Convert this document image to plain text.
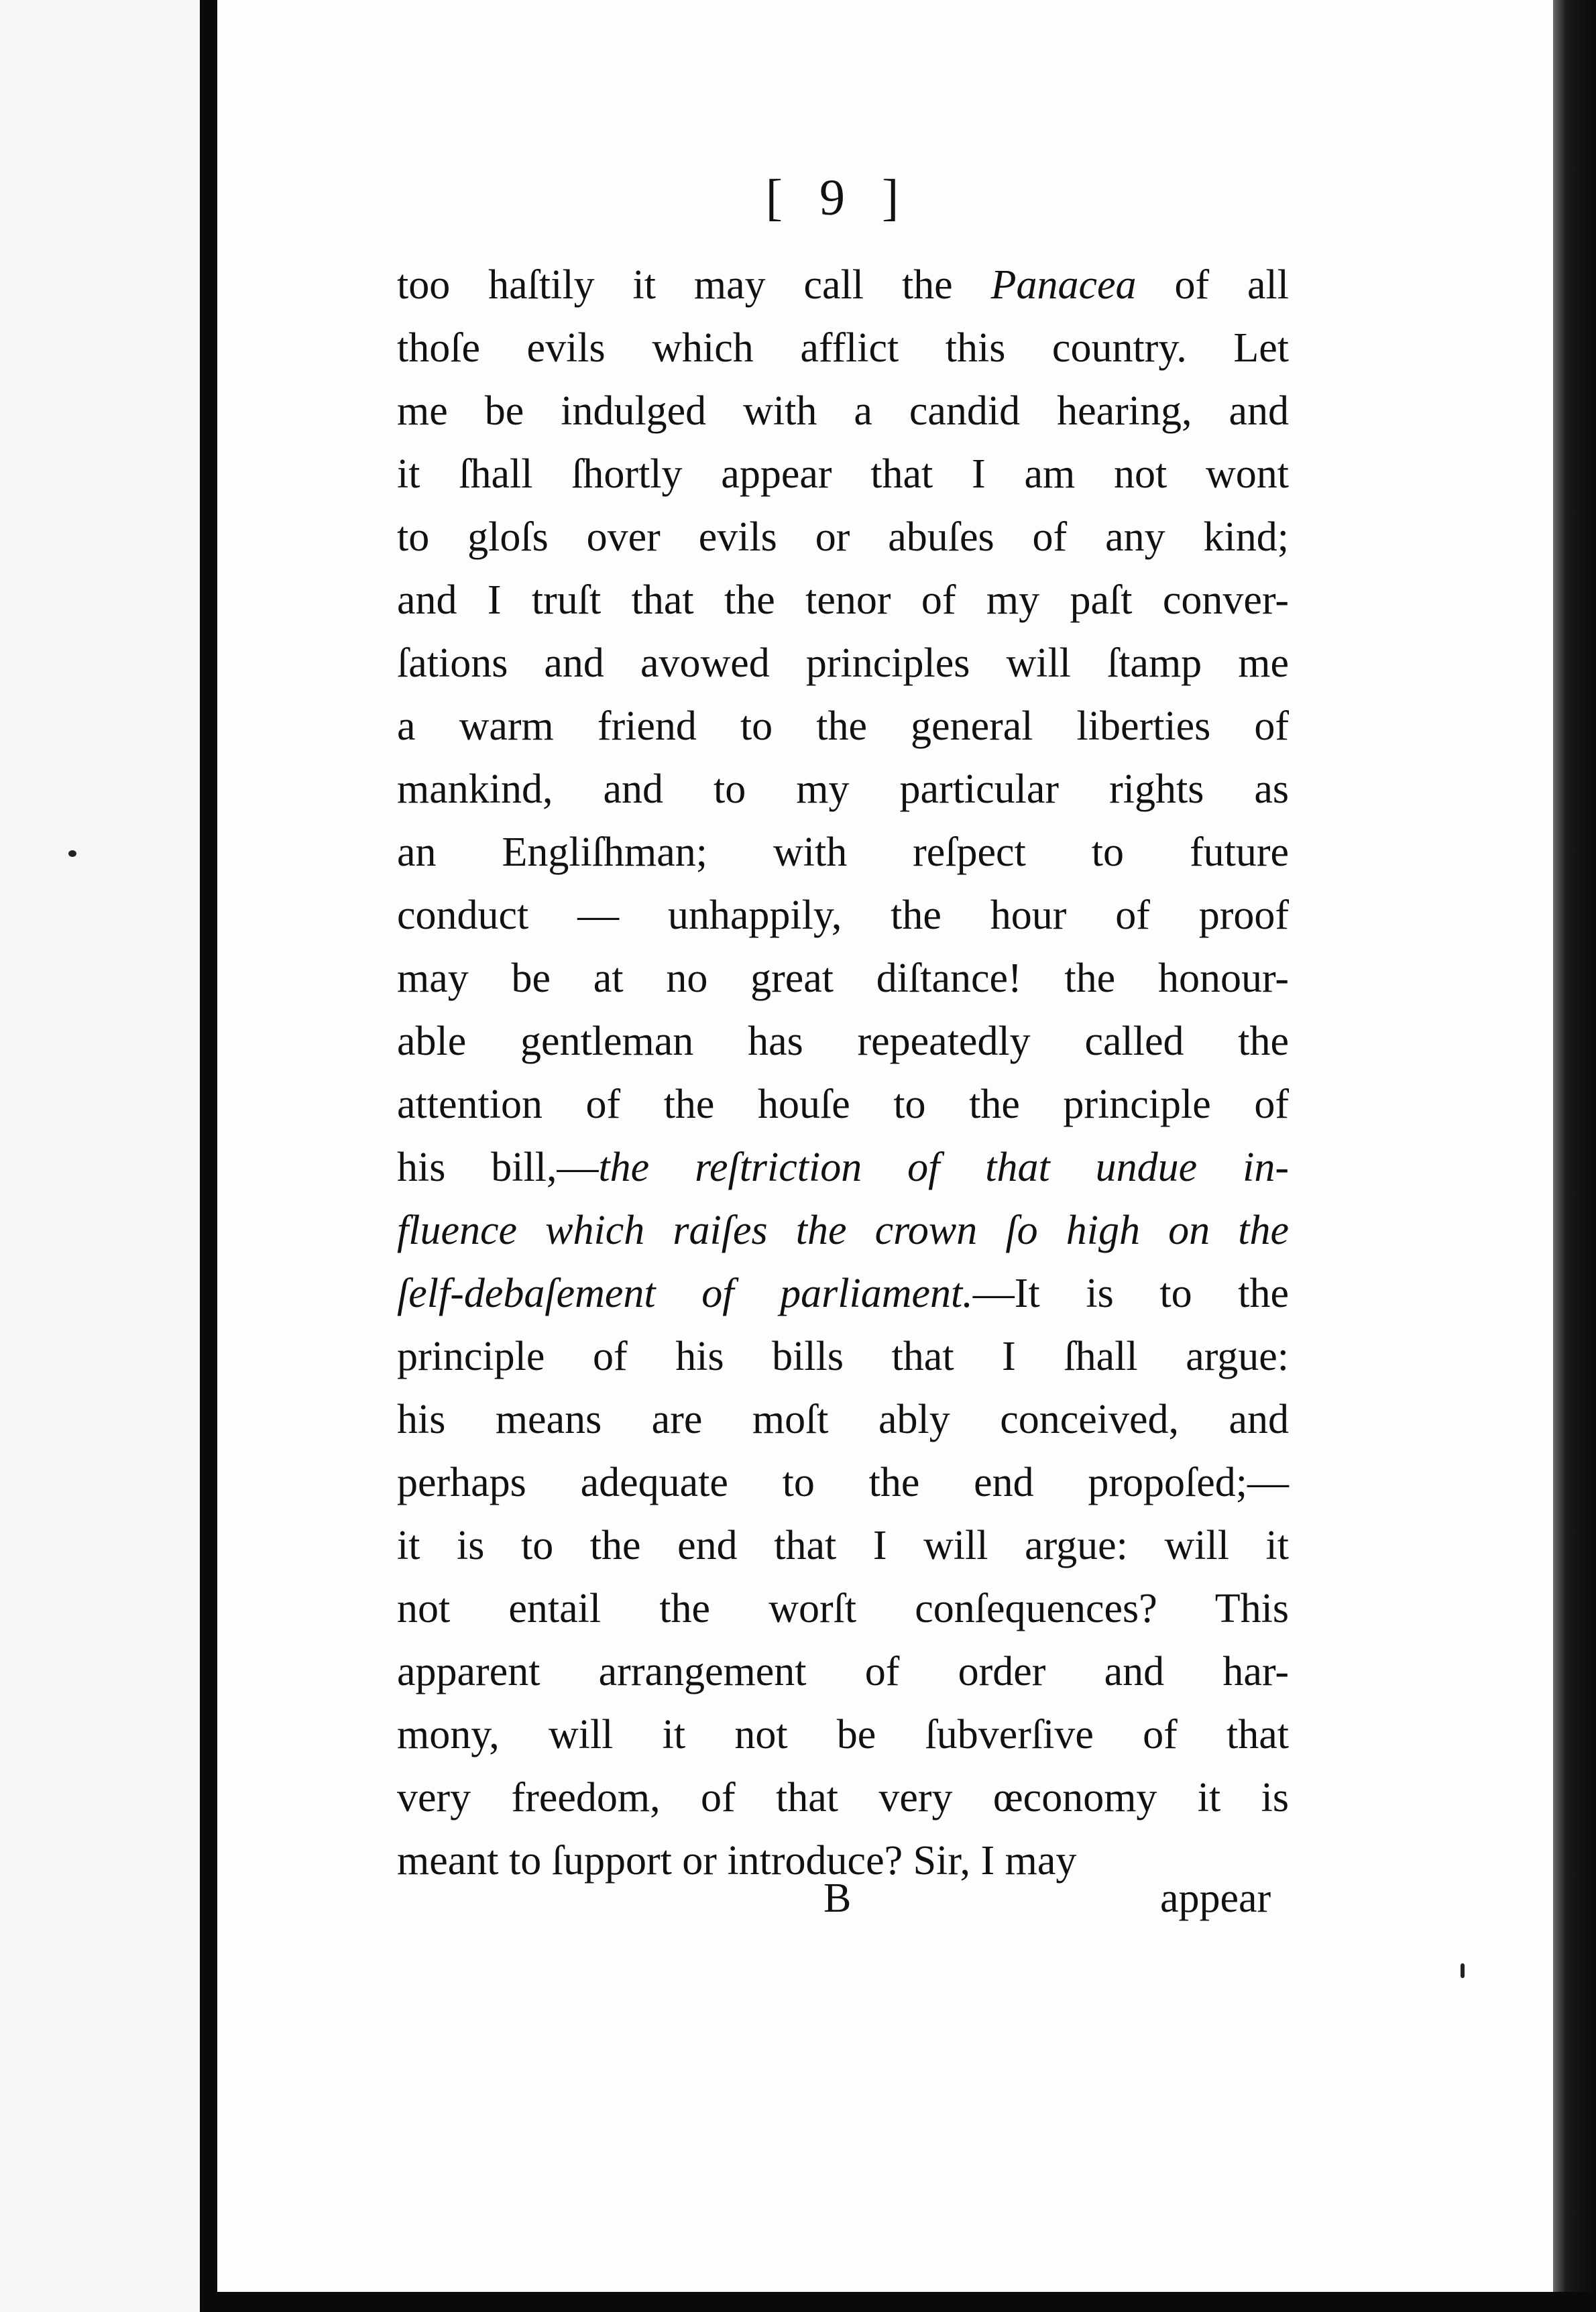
[ 9 ]
too haſtily it may call the Panacea of all
thoſe evils which afflict this country. Let
me be indulged with a candid hearing, and
it ſhall ſhortly appear that I am not wont
to gloſs over evils or abuſes of any kind;
and I truſt that the tenor of my paſt conver-
ſations and avowed principles will ſtamp me
a warm friend to the general liberties of
mankind, and to my particular rights as
an Engliſhman; with reſpect to future
conduct — unhappily, the hour of proof
may be at no great diſtance! the honour-
able gentleman has repeatedly called the
attention of the houſe to the principle of
his bill,—the reſtriction of that undue in-
fluence which raiſes the crown ſo high on the
ſelf-debaſement of parliament.—It is to the
principle of his bills that I ſhall argue:
his means are moſt ably conceived, and
perhaps adequate to the end propoſed;—
it is to the end that I will argue: will it
not entail the worſt conſequences? This
apparent arrangement of order and har-
mony, will it not be ſubverſive of that
very freedom, of that very œconomy it is
meant to ſupport or introduce? Sir, I may
B	appear
